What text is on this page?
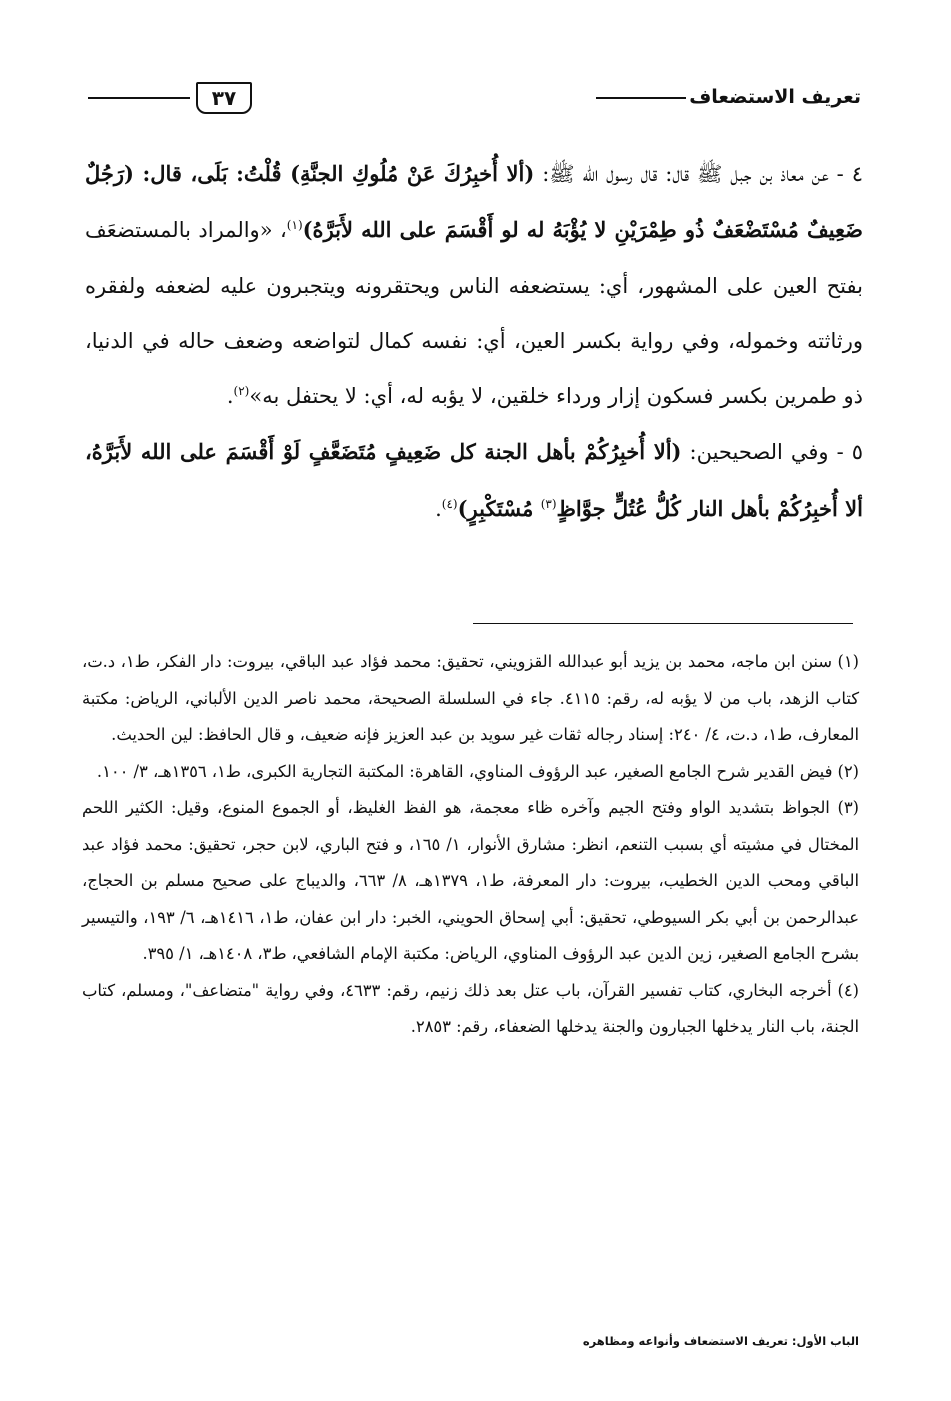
تعريف الاستضعاف
٣٧

٤ - عن معاذ بن جبل ﷺ قال: قال رسول الله ﷺ: (ألا أُخبِرُكَ عَنْ مُلُوكِ الجنَّةِ) قُلْتُ: بَلَى، قال: (رَجُلٌ ضَعِيفٌ مُسْتَضْعَفٌ ذُو طِمْرَيْنِ لا يُؤْبَهُ له لو أَقْسَمَ على الله لأَبَرَّهُ)$^{(١)}$، «والمراد بالمستضعَف بفتح العين على المشهور، أي: يستضعفه الناس ويحتقرونه ويتجبرون عليه لضعفه ولفقره ورثاثته وخموله، وفي رواية بكسر العين، أي: نفسه كمال لتواضعه وضعف حاله في الدنيا، ذو طمرين بكسر فسكون إزار ورداء خلقين، لا يؤبه له، أي: لا يحتفل به»$^{(٢)}$.

٥ - وفي الصحيحين: (ألا أُخبِرُكُمْ بأهل الجنة كل ضَعِيفٍ مُتَضَعَّفٍ لَوْ أَقْسَمَ على الله لأَبَرَّهُ، ألا أُخبِرُكُمْ بأهل النار كُلُّ عُتُلٍّ جوَّاظٍ$^{(٣)}$ مُسْتَكْبِرٍ)$^{(٤)}$.

(١) سنن ابن ماجه، محمد بن يزيد أبو عبدالله القزويني، تحقيق: محمد فؤاد عبد الباقي، بيروت: دار الفكر، ط١، د.ت، كتاب الزهد، باب من لا يؤبه له، رقم: ٤١١٥. جاء في السلسلة الصحيحة، محمد ناصر الدين الألباني، الرياض: مكتبة المعارف، ط١، د.ت، ٤/ ٢٤٠: إسناد رجاله ثقات غير سويد بن عبد العزيز فإنه ضعيف، و قال الحافظ: لين الحديث.

(٢) فيض القدير شرح الجامع الصغير، عبد الرؤوف المناوي، القاهرة: المكتبة التجارية الكبرى، ط١، ١٣٥٦هـ، ٣/ ١٠٠.

(٣) الجواظ بتشديد الواو وفتح الجيم وآخره ظاء معجمة، هو الفظ الغليظ، أو الجموع المنوع، وقيل: الكثير اللحم المختال في مشيته أي بسبب التنعم، انظر: مشارق الأنوار، ١/ ١٦٥، و فتح الباري، لابن حجر، تحقيق: محمد فؤاد عبد الباقي ومحب الدين الخطيب، بيروت: دار المعرفة، ط١، ١٣٧٩هـ، ٨/ ٦٦٣، والديباج على صحيح مسلم بن الحجاج، عبدالرحمن بن أبي بكر السيوطي، تحقيق: أبي إسحاق الحويني، الخبر: دار ابن عفان، ط١، ١٤١٦هـ، ٦/ ١٩٣، والتيسير بشرح الجامع الصغير، زين الدين عبد الرؤوف المناوي، الرياض: مكتبة الإمام الشافعي، ط٣، ١٤٠٨هـ، ١/ ٣٩٥.

(٤) أخرجه البخاري، كتاب تفسير القرآن، باب عتل بعد ذلك زنيم، رقم: ٤٦٣٣، وفي رواية "متضاعف"، ومسلم، كتاب الجنة، باب النار يدخلها الجبارون والجنة يدخلها الضعفاء، رقم: ٢٨٥٣.

الباب الأول: تعريف الاستضعاف وأنواعه ومظاهره
